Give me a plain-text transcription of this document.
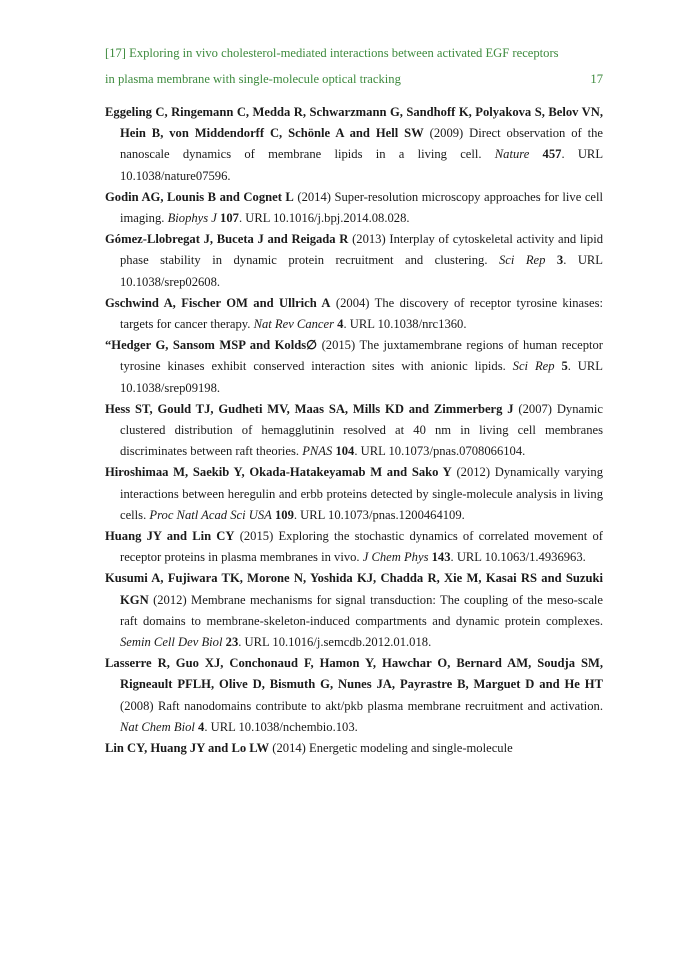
[17] Exploring in vivo cholesterol-mediated interactions between activated EGF receptors
in plasma membrane with single-molecule optical tracking	17
Eggeling C, Ringemann C, Medda R, Schwarzmann G, Sandhoff K, Polyakova S, Belov VN, Hein B, von Middendorff C, Schönle A and Hell SW (2009) Direct observation of the nanoscale dynamics of membrane lipids in a living cell. Nature 457. URL 10.1038/nature07596.
Godin AG, Lounis B and Cognet L (2014) Super-resolution microscopy approaches for live cell imaging. Biophys J 107. URL 10.1016/j.bpj.2014.08.028.
Gómez-Llobregat J, Buceta J and Reigada R (2013) Interplay of cytoskeletal activity and lipid phase stability in dynamic protein recruitment and clustering. Sci Rep 3. URL 10.1038/srep02608.
Gschwind A, Fischer OM and Ullrich A (2004) The discovery of receptor tyrosine kinases: targets for cancer therapy. Nat Rev Cancer 4. URL 10.1038/nrc1360.
“Hedger G, Sansom MSP and Kolds∅ (2015) The juxtamembrane regions of human receptor tyrosine kinases exhibit conserved interaction sites with anionic lipids. Sci Rep 5. URL 10.1038/srep09198.
Hess ST, Gould TJ, Gudheti MV, Maas SA, Mills KD and Zimmerberg J (2007) Dynamic clustered distribution of hemagglutinin resolved at 40 nm in living cell membranes discriminates between raft theories. PNAS 104. URL 10.1073/pnas.0708066104.
Hiroshimaa M, Saekib Y, Okada-Hatakeyamab M and Sako Y (2012) Dynamically varying interactions between heregulin and erbb proteins detected by single-molecule analysis in living cells. Proc Natl Acad Sci USA 109. URL 10.1073/pnas.1200464109.
Huang JY and Lin CY (2015) Exploring the stochastic dynamics of correlated movement of receptor proteins in plasma membranes in vivo. J Chem Phys 143. URL 10.1063/1.4936963.
Kusumi A, Fujiwara TK, Morone N, Yoshida KJ, Chadda R, Xie M, Kasai RS and Suzuki KGN (2012) Membrane mechanisms for signal transduction: The coupling of the meso-scale raft domains to membrane-skeleton-induced compartments and dynamic protein complexes. Semin Cell Dev Biol 23. URL 10.1016/j.semcdb.2012.01.018.
Lasserre R, Guo XJ, Conchonaud F, Hamon Y, Hawchar O, Bernard AM, Soudja SM, Rigneault PFLH, Olive D, Bismuth G, Nunes JA, Payrastre B, Marguet D and He HT (2008) Raft nanodomains contribute to akt/pkb plasma membrane recruitment and activation. Nat Chem Biol 4. URL 10.1038/nchembio.103.
Lin CY, Huang JY and Lo LW (2014) Energetic modeling and single-molecule
